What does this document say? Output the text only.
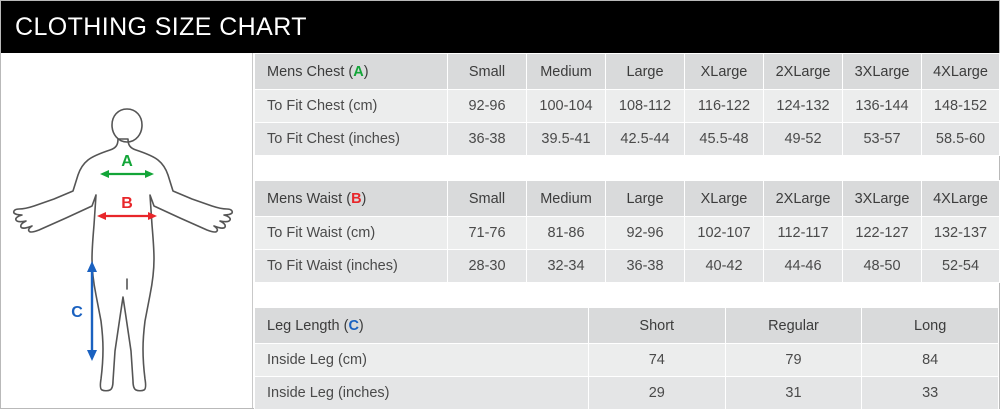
CLOTHING SIZE CHART
A
B
C
Mens Chest (A)	Small	Medium	Large	XLarge	2XLarge	3XLarge	4XLarge
To Fit Chest (cm)	92-96	100-104	108-112	116-122	124-132	136-144	148-152
To Fit Chest (inches)	36-38	39.5-41	42.5-44	45.5-48	49-52	53-57	58.5-60
Mens Waist (B)	Small	Medium	Large	XLarge	2XLarge	3XLarge	4XLarge
To Fit Waist (cm)	71-76	81-86	92-96	102-107	112-117	122-127	132-137
To Fit Waist (inches)	28-30	32-34	36-38	40-42	44-46	48-50	52-54
Leg Length (C)	Short	Regular	Long
Inside Leg (cm)	74	79	84
Inside Leg (inches)	29	31	33
